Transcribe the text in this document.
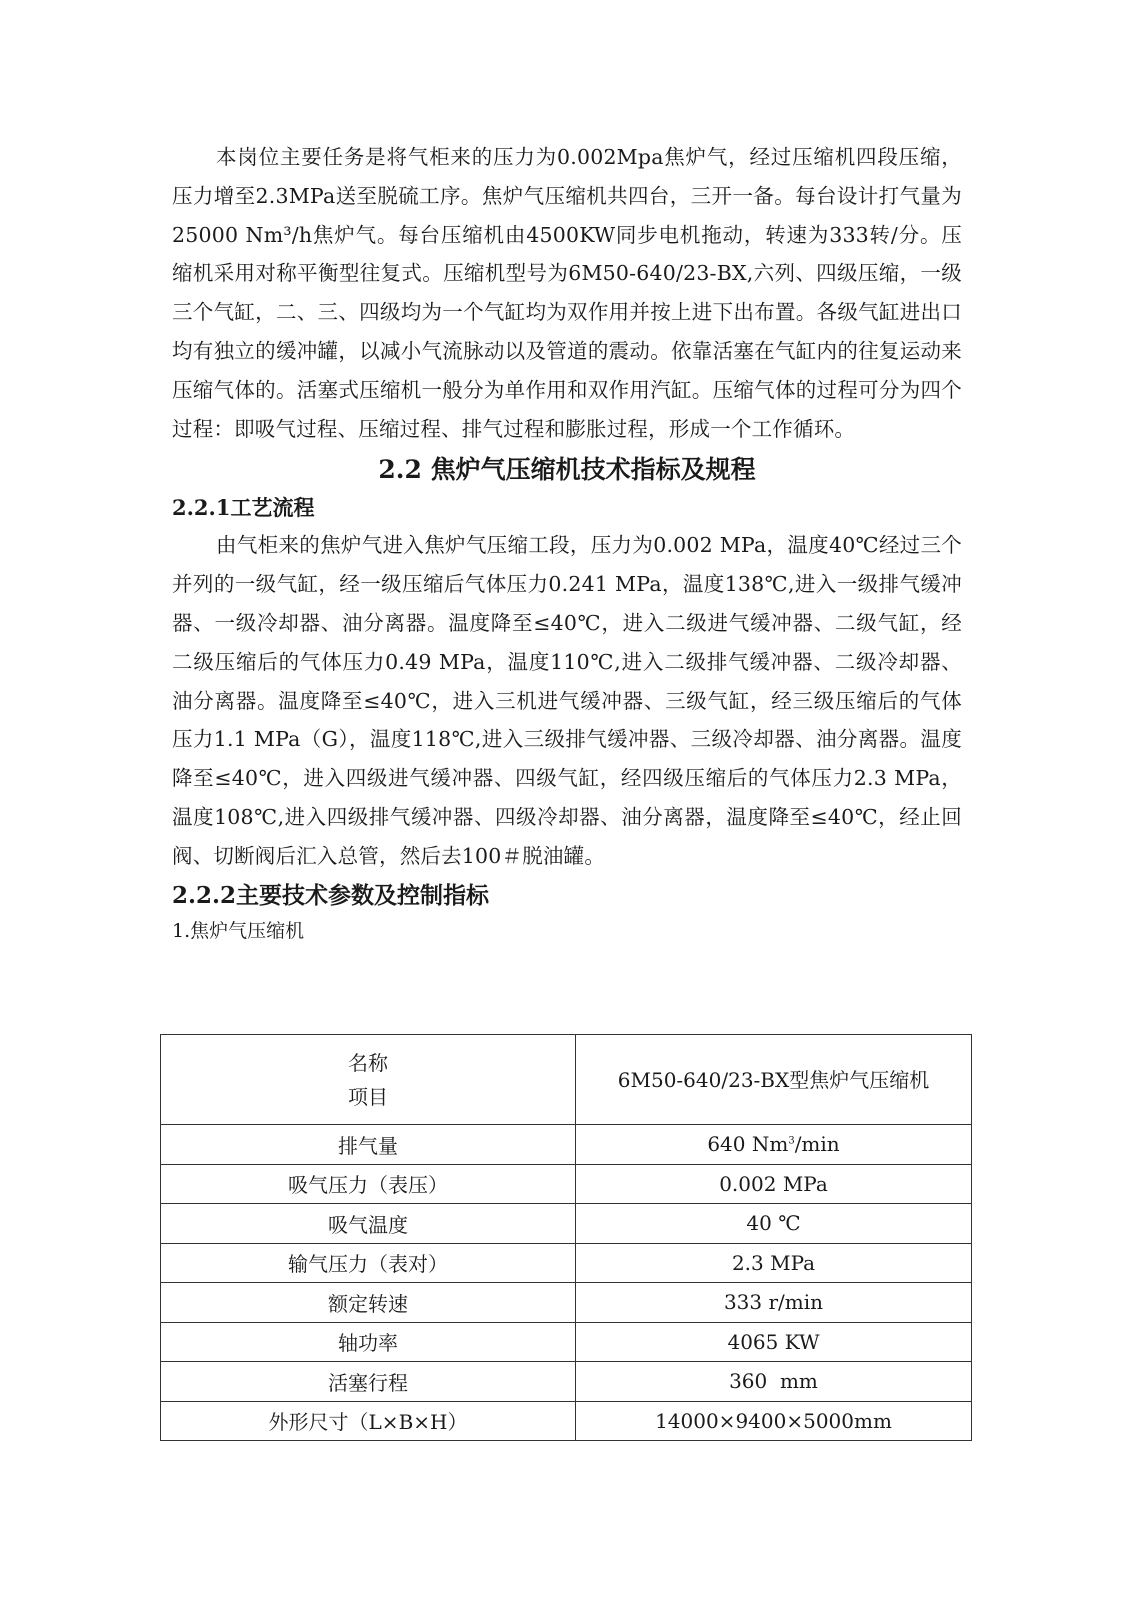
本岗位主要任务是将气柜来的压力为0.002Mpa焦炉气，经过压缩机四段压缩，压力增至2.3MPa送至脱硫工序。焦炉气压缩机共四台，三开一备。每台设计打气量为25000 Nm³/h焦炉气。每台压缩机由4500KW同步电机拖动，转速为333转/分。压缩机采用对称平衡型往复式。压缩机型号为6M50-640/23-BX,六列、四级压缩，一级三个气缸，二、三、四级均为一个气缸均为双作用并按上进下出布置。各级气缸进出口均有独立的缓冲罐，以减小气流脉动以及管道的震动。依靠活塞在气缸内的往复运动来压缩气体的。活塞式压缩机一般分为单作用和双作用汽缸。压缩气体的过程可分为四个过程：即吸气过程、压缩过程、排气过程和膨胀过程，形成一个工作循环。

2.2 焦炉气压缩机技术指标及规程
2.2.1工艺流程

由气柜来的焦炉气进入焦炉气压缩工段，压力为0.002 MPa，温度40℃经过三个并列的一级气缸，经一级压缩后气体压力0.241 MPa，温度138℃,进入一级排气缓冲器、一级冷却器、油分离器。温度降至≤40℃，进入二级进气缓冲器、二级气缸，经二级压缩后的气体压力0.49 MPa，温度110℃,进入二级排气缓冲器、二级冷却器、油分离器。温度降至≤40℃，进入三机进气缓冲器、三级气缸，经三级压缩后的气体压力1.1 MPa（G），温度118℃,进入三级排气缓冲器、三级冷却器、油分离器。温度降至≤40℃，进入四级进气缓冲器、四级气缸，经四级压缩后的气体压力2.3 MPa，温度108℃,进入四级排气缓冲器、四级冷却器、油分离器，温度降至≤40℃，经止回阀、切断阀后汇入总管，然后去100＃脱油罐。

2.2.2主要技术参数及控制指标

1.焦炉气压缩机

名称
项目	6M50-640/23-BX型焦炉气压缩机
排气量	640 Nm$^3$/min
吸气压力（表压）	0.002 MPa
吸气温度	40 ℃
输气压力（表对）	2.3 MPa
额定转速	333 r/min
轴功率	4065 KW
活塞行程	360  mm
外形尺寸（L×B×H）	14000×9400×5000mm
